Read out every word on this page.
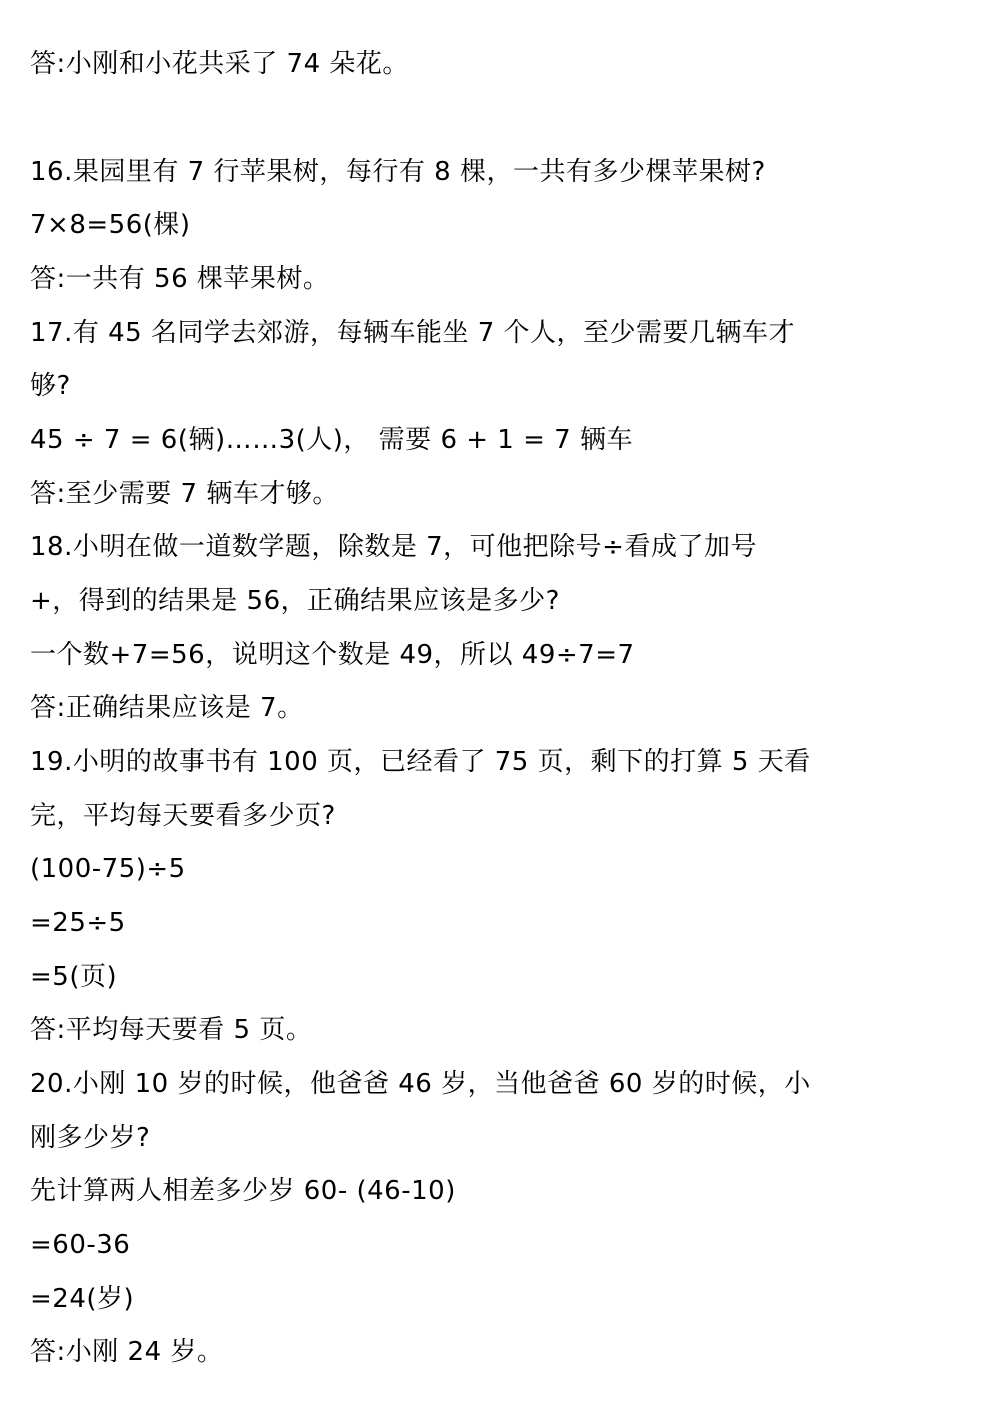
答:小刚和小花共采了 74 朵花。
16.果园里有 7 行苹果树，每行有 8 棵，一共有多少棵苹果树?
7×8=56(棵)
答:一共有 56 棵苹果树。
17.有 45 名同学去郊游，每辆车能坐 7 个人，至少需要几辆车才
够?
45 ÷ 7 = 6(辆)……3(人)， 需要 6 + 1 = 7 辆车
答:至少需要 7 辆车才够。
18.小明在做一道数学题，除数是 7，可他把除号÷看成了加号
+，得到的结果是 56，正确结果应该是多少?
一个数+7=56，说明这个数是 49，所以 49÷7=7
答:正确结果应该是 7。
19.小明的故事书有 100 页，已经看了 75 页，剩下的打算 5 天看
完，平均每天要看多少页?
(100-75)÷5
=25÷5
=5(页)
答:平均每天要看 5 页。
20.小刚 10 岁的时候，他爸爸 46 岁，当他爸爸 60 岁的时候，小
刚多少岁?
先计算两人相差多少岁 60- (46-10)
=60-36
=24(岁)
答:小刚 24 岁。
